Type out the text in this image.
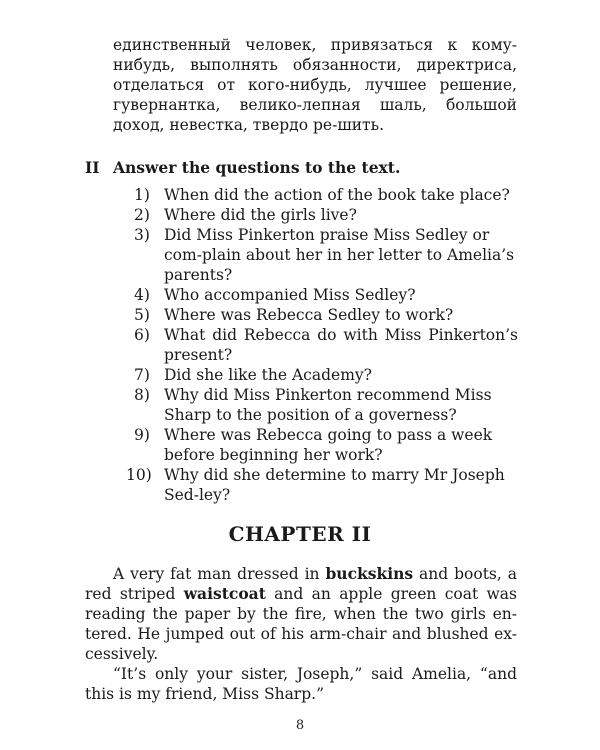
единственный человек, привязаться к кому-нибудь, выполнять обязанности, директриса, отделаться от кого-нибудь, лучшее решение, гувернантка, велико-лепная шаль, большой доход, невестка, твердо ре-шить.
II Answer the questions to the text.
1) When did the action of the book take place?
2) Where did the girls live?
3) Did Miss Pinkerton praise Miss Sedley or com-plain about her in her letter to Amelia’s parents?
4) Who accompanied Miss Sedley?
5) Where was Rebecca Sedley to work?
6) What did Rebecca do with Miss Pinkerton’s present?
7) Did she like the Academy?
8) Why did Miss Pinkerton recommend Miss Sharp to the position of a governess?
9) Where was Rebecca going to pass a week before beginning her work?
10) Why did she determine to marry Mr Joseph Sed-ley?
CHAPTER II

A very fat man dressed in buckskins and boots, a red striped waistcoat and an apple green coat was reading the paper by the fire, when the two girls en-tered. He jumped out of his arm-chair and blushed ex-cessively.

“It’s only your sister, Joseph,” said Amelia, “and this is my friend, Miss Sharp.”

8
